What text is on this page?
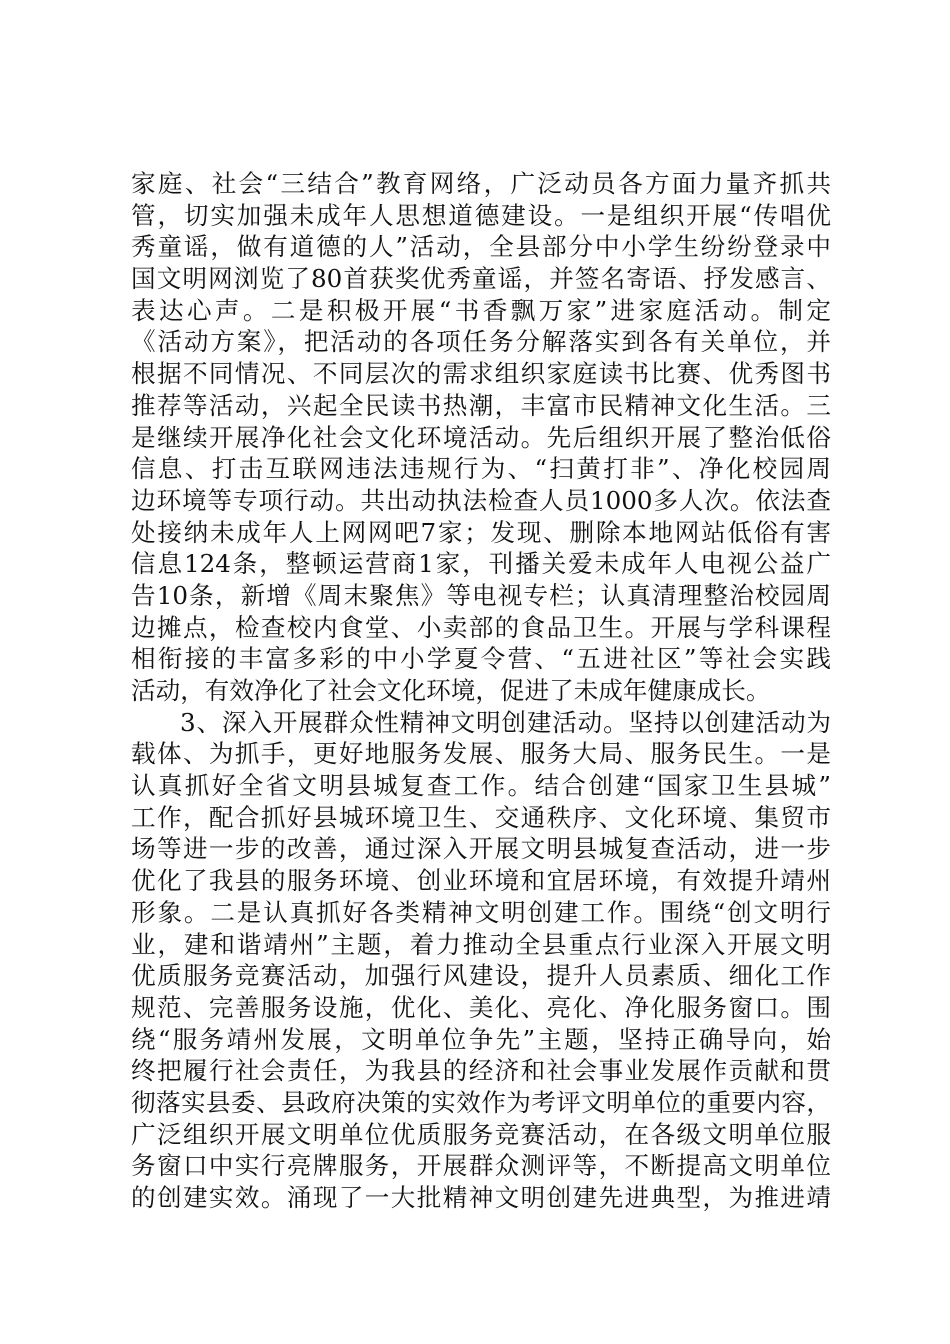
家庭、社会“三结合”教育网络，广泛动员各方面力量齐抓共
管，切实加强未成年人思想道德建设。一是组织开展“传唱优
秀童谣，做有道德的人”活动，全县部分中小学生纷纷登录中
国文明网浏览了80首获奖优秀童谣，并签名寄语、抒发感言、
表达心声。二是积极开展“书香飘万家”进家庭活动。制定
《活动方案》，把活动的各项任务分解落实到各有关单位，并
根据不同情况、不同层次的需求组织家庭读书比赛、优秀图书
推荐等活动，兴起全民读书热潮，丰富市民精神文化生活。三
是继续开展净化社会文化环境活动。先后组织开展了整治低俗
信息、打击互联网违法违规行为、“扫黄打非”、净化校园周
边环境等专项行动。共出动执法检查人员1000多人次。依法查
处接纳未成年人上网网吧7家；发现、删除本地网站低俗有害
信息124条，整顿运营商1家，刊播关爱未成年人电视公益广
告10条，新增《周末聚焦》等电视专栏；认真清理整治校园周
边摊点，检查校内食堂、小卖部的食品卫生。开展与学科课程
相衔接的丰富多彩的中小学夏令营、“五进社区”等社会实践
活动，有效净化了社会文化环境，促进了未成年健康成长。
3、深入开展群众性精神文明创建活动。坚持以创建活动为
载体、为抓手，更好地服务发展、服务大局、服务民生。一是
认真抓好全省文明县城复查工作。结合创建“国家卫生县城”
工作，配合抓好县城环境卫生、交通秩序、文化环境、集贸市
场等进一步的改善，通过深入开展文明县城复查活动，进一步
优化了我县的服务环境、创业环境和宜居环境，有效提升靖州
形象。二是认真抓好各类精神文明创建工作。围绕“创文明行
业，建和谐靖州”主题，着力推动全县重点行业深入开展文明
优质服务竞赛活动，加强行风建设，提升人员素质、细化工作
规范、完善服务设施，优化、美化、亮化、净化服务窗口。围
绕“服务靖州发展，文明单位争先”主题，坚持正确导向，始
终把履行社会责任，为我县的经济和社会事业发展作贡献和贯
彻落实县委、县政府决策的实效作为考评文明单位的重要内容，
广泛组织开展文明单位优质服务竞赛活动，在各级文明单位服
务窗口中实行亮牌服务，开展群众测评等，不断提高文明单位
的创建实效。涌现了一大批精神文明创建先进典型，为推进靖
